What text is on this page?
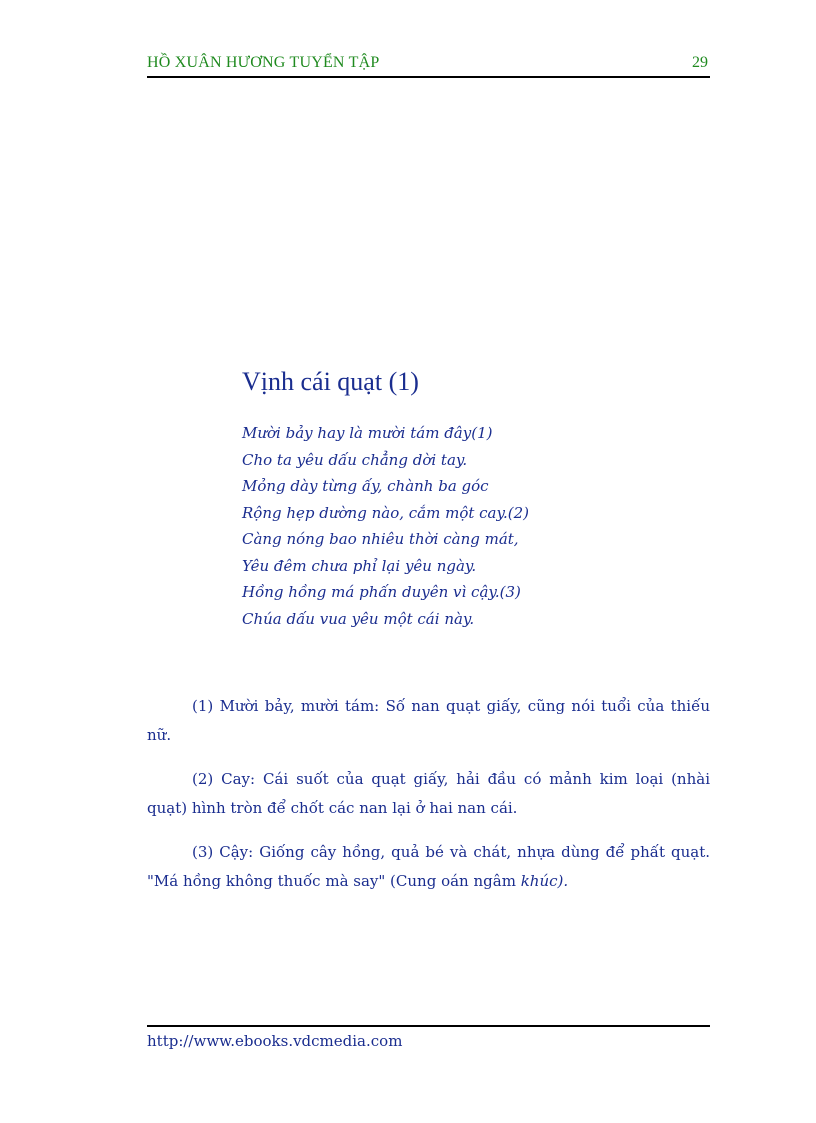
HỒ XUÂN HƯƠNG TUYỂN TẬP	29
Vịnh cái quạt (1)
Mười bảy hay là mười tám đây(1)
Cho ta yêu dấu chẳng dời tay.
Mỏng dày từng ấy, chành ba góc
Rộng hẹp dường nào, cắm một cay.(2)
Càng nóng bao nhiêu thời càng mát,
Yêu đêm chưa phỉ lại yêu ngày.
Hồng hồng má phấn duyên vì cậy.(3)
Chúa dấu vua yêu một cái này.

(1) Mười bảy, mười tám: Số nan quạt giấy, cũng nói tuổi của thiếu nữ.

(2) Cay: Cái suốt của quạt giấy, hải đầu có mảnh kim loại (nhài quạt) hình tròn để chốt các nan lại ở hai nan cái.

(3) Cậy: Giống cây hồng, quả bé và chát, nhựa dùng để phất quạt. "Má hồng không thuốc mà say" (Cung oán ngâm khúc).

http://www.ebooks.vdcmedia.com
